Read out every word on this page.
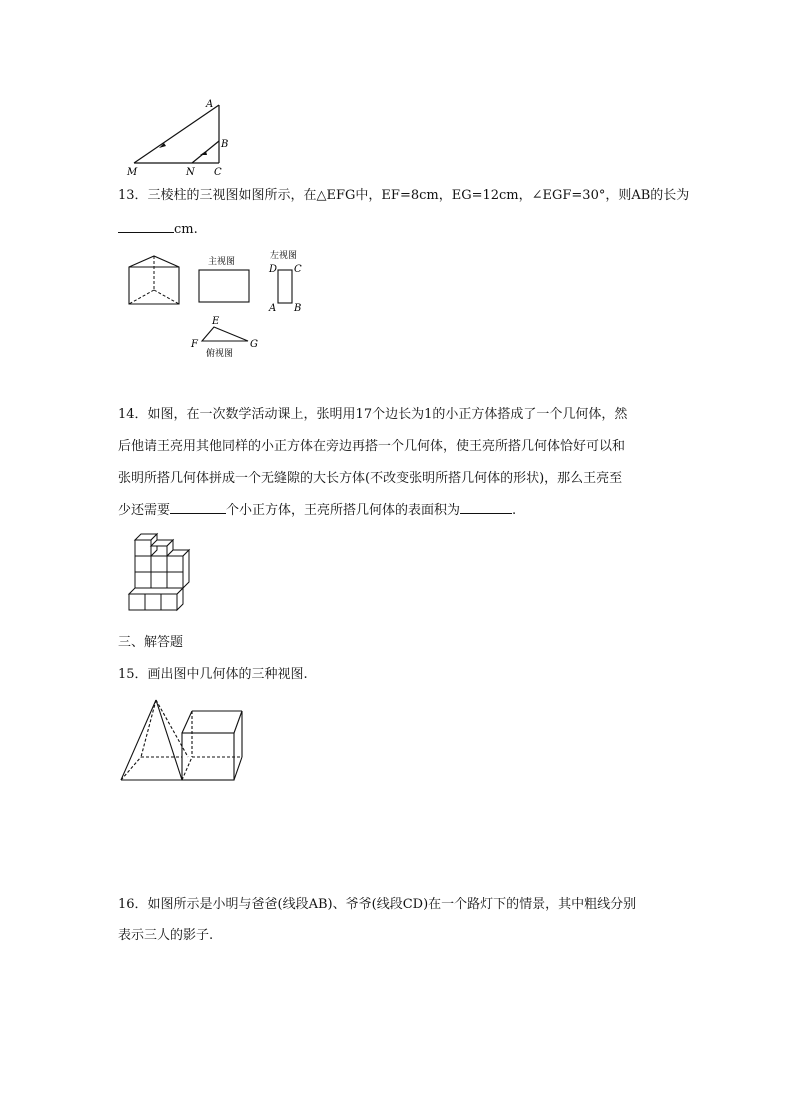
A
B
M	N C
13．三棱柱的三视图如图所示，在△EFG中，EF=8cm，EG=12cm，∠EGF=30°，则AB的长为
cm.
主视图
左视图
D C
A B
E
F	G
俯视图
14．如图，在一次数学活动课上，张明用17个边长为1的小正方体搭成了一个几何体，然
后他请王亮用其他同样的小正方体在旁边再搭一个几何体，使王亮所搭几何体恰好可以和
张明所搭几何体拼成一个无缝隙的大长方体(不改变张明所搭几何体的形状)，那么王亮至
少还需要	个小正方体，王亮所搭几何体的表面积为	.
三、解答题
15．画出图中几何体的三种视图.
16．如图所示是小明与爸爸(线段AB)、爷爷(线段CD)在一个路灯下的情景，其中粗线分别
表示三人的影子.
